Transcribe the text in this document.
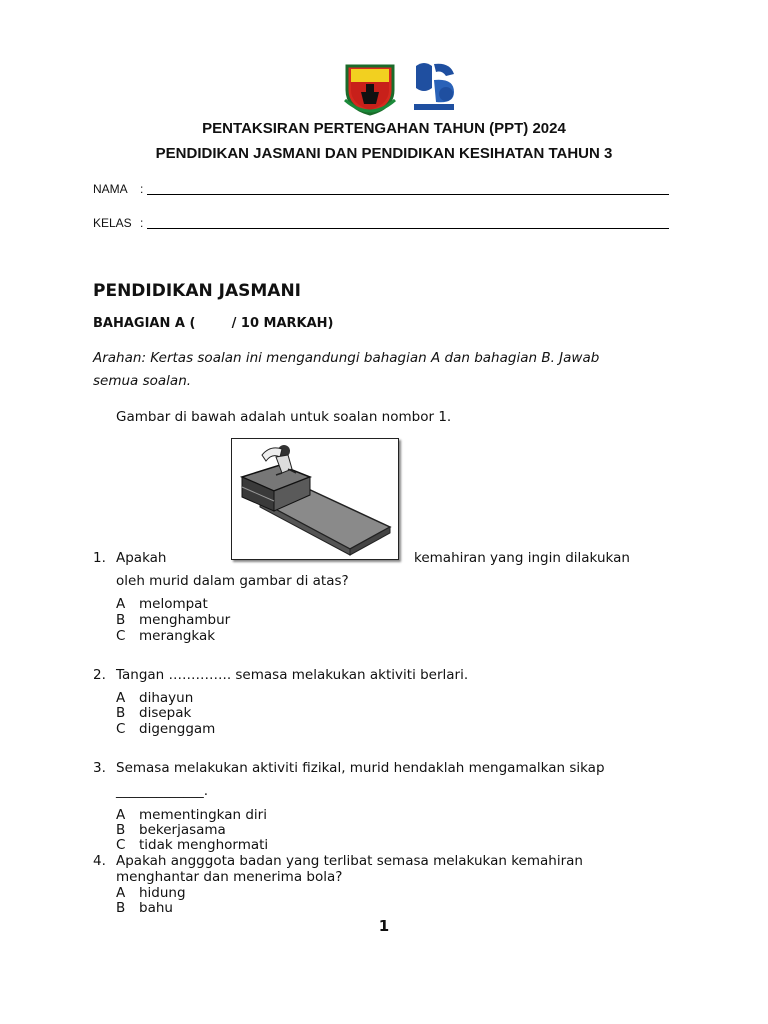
PENTAKSIRAN PERTENGAHAN TAHUN (PPT) 2024
PENDIDIKAN JASMANI DAN PENDIDIKAN KESIHATAN TAHUN 3
NAMA :
KELAS :
PENDIDIKAN JASMANI
BAHAGIAN A (        / 10 MARKAH)
Arahan: Kertas soalan ini mengandungi bahagian A dan bahagian B. Jawab
semua soalan.
Gambar di bawah adalah untuk soalan nombor 1.
1. Apakah	kemahiran yang ingin dilakukan
oleh murid dalam gambar di atas?
A melompat
B menghambur
C merangkak
2. Tangan ………….. semasa melakukan aktiviti berlari.
A dihayun
B disepak
C digenggam
3. Semasa melakukan aktiviti fizikal, murid hendaklah mengamalkan sikap
_____________.
A mementingkan diri
B bekerjasama
C tidak menghormati
4. Apakah angggota badan yang terlibat semasa melakukan kemahiran
menghantar dan menerima bola?
A hidung
B bahu
1
